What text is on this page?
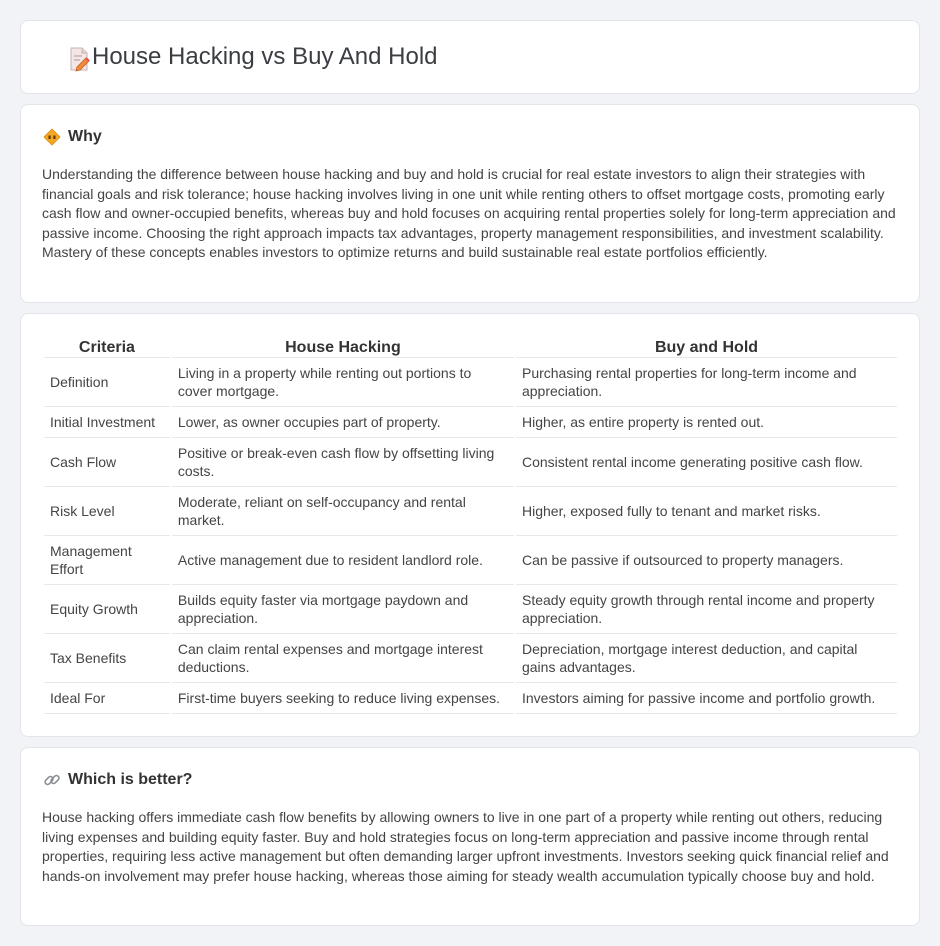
House Hacking vs Buy And Hold
Why

Understanding the difference between house hacking and buy and hold is crucial for real estate investors to align their strategies with financial goals and risk tolerance; house hacking involves living in one unit while renting others to offset mortgage costs, promoting early cash flow and owner-occupied benefits, whereas buy and hold focuses on acquiring rental properties solely for long-term appreciation and passive income. Choosing the right approach impacts tax advantages, property management responsibilities, and investment scalability. Mastery of these concepts enables investors to optimize returns and build sustainable real estate portfolios efficiently.

Criteria	House Hacking	Buy and Hold
Definition	Living in a property while renting out portions to cover mortgage.	Purchasing rental properties for long-term income and appreciation.
Initial Investment	Lower, as owner occupies part of property.	Higher, as entire property is rented out.
Cash Flow	Positive or break-even cash flow by offsetting living costs.	Consistent rental income generating positive cash flow.
Risk Level	Moderate, reliant on self-occupancy and rental market.	Higher, exposed fully to tenant and market risks.
Management Effort	Active management due to resident landlord role.	Can be passive if outsourced to property managers.
Equity Growth	Builds equity faster via mortgage paydown and appreciation.	Steady equity growth through rental income and property appreciation.
Tax Benefits	Can claim rental expenses and mortgage interest deductions.	Depreciation, mortgage interest deduction, and capital gains advantages.
Ideal For	First-time buyers seeking to reduce living expenses.	Investors aiming for passive income and portfolio growth.
Which is better?

House hacking offers immediate cash flow benefits by allowing owners to live in one part of a property while renting out others, reducing living expenses and building equity faster. Buy and hold strategies focus on long-term appreciation and passive income through rental properties, requiring less active management but often demanding larger upfront investments. Investors seeking quick financial relief and hands-on involvement may prefer house hacking, whereas those aiming for steady wealth accumulation typically choose buy and hold.
